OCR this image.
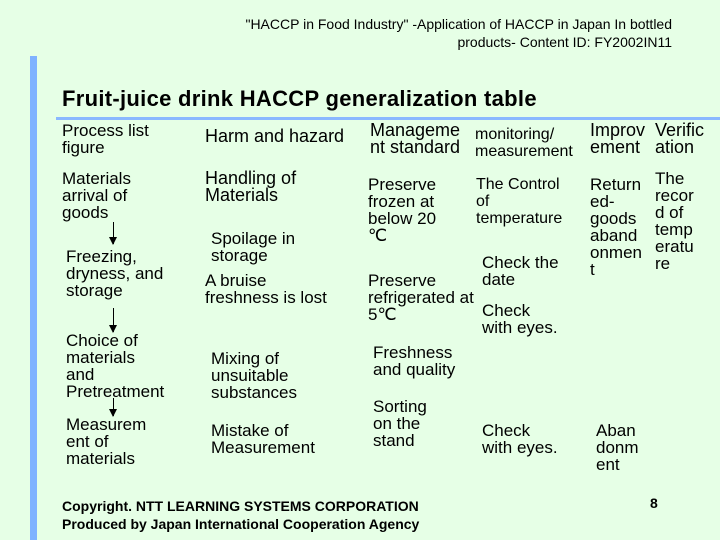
"HACCP in Food Industry" -Application of HACCP in Japan In bottled
products- Content ID: FY2002IN11
Fruit-juice drink HACCP generalization table
Process list
figure
Harm and hazard Manageme
nt standard
monitoring/
measurement
Improv
ement
Verific
ation
Materials
arrival of
goods
Freezing,
dryness, and
storage
Choice of
materials
and
Pretreatment
Measurem
ent of
materials
Handling of
Materials
Spoilage in
storage
A bruise
freshness is lost
Mixing of
unsuitable
substances
Mistake of
Measurement
Preserve
frozen at
below 20
℃
Preserve
refrigerated at
5℃
Freshness
and quality
Sorting
on the
stand
The Control
of
temperature
Check the
date
Check
with eyes.
Check
with eyes.
Return
ed-
goods
aband
onmen
t
Aban
donm
ent
The
recor
d of
temp
eratu
re
Copyright. NTT LEARNING SYSTEMS CORPORATION
Produced by Japan International Cooperation Agency
8
